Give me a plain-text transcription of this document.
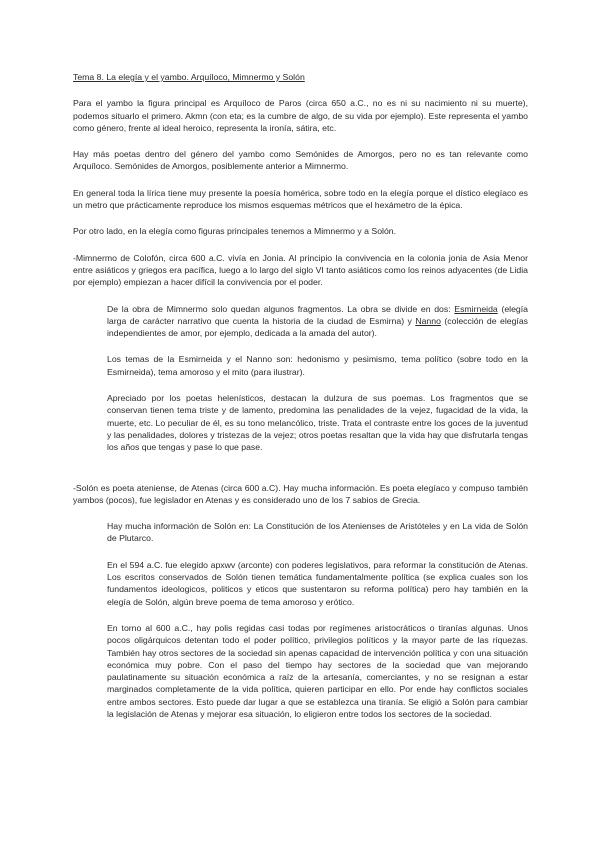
Tema 8. La elegía y el yambo. Arquíloco, Mimnermo y Solón

Para el yambo la figura principal es Arquíloco de Paros (circa 650 a.C., no es ni su nacimiento ni su muerte), podemos situarlo el primero. Akmn (con eta; es la cumbre de algo, de su vida por ejemplo). Este representa el yambo como género, frente al ideal heroico, representa la ironía, sátira, etc.

Hay más poetas dentro del género del yambo como Semónides de Amorgos, pero no es tan relevante como Arquíloco. Semónides de Amorgos, posiblemente anterior a Mimnermo.

En general toda la lírica tiene muy presente la poesía homérica, sobre todo en la elegía porque el dístico elegíaco es un metro que prácticamente reproduce los mismos esquemas métricos que el hexámetro de la épica.

Por otro lado, en la elegía como figuras principales tenemos a Mimnermo y a Solón.

-Mimnermo de Colofón, circa 600 a.C. vivía en Jonia. Al principio la convivencia en la colonia jonia de Asia Menor entre asiáticos y griegos era pacífica, luego a lo largo del siglo VI tanto asiáticos como los reinos adyacentes (de Lidia por ejemplo) empiezan a hacer difícil la convivencia por el poder.

De la obra de Mimnermo solo quedan algunos fragmentos. La obra se divide en dos: Esmirneida (elegía larga de carácter narrativo que cuenta la historia de la ciudad de Esmirna) y Nanno (colección de elegías independientes de amor, por ejemplo, dedicada a la amada del autor).

Los temas de la Esmirneida y el Nanno son: hedonismo y pesimismo, tema político (sobre todo en la Esmirneida), tema amoroso y el mito (para ilustrar).

Apreciado por los poetas helenísticos, destacan la dulzura de sus poemas. Los fragmentos que se conservan tienen tema triste y de lamento, predomina las penalidades de la vejez, fugacidad de la vida, la muerte, etc. Lo peculiar de él, es su tono melancólico, triste. Trata el contraste entre los goces de la juventud y las penalidades, dolores y tristezas de la vejez; otros poetas resaltan que la vida hay que disfrutarla tengas los años que tengas y pase lo que pase.

-Solón es poeta ateniense, de Atenas (circa 600 a.C). Hay mucha información. Es poeta elegíaco y compuso también yambos (pocos), fue legislador en Atenas y es considerado uno de los 7 sabios de Grecia.

Hay mucha información de Solón en: La Constitución de los Atenienses de Aristóteles y en La vida de Solón de Plutarco.

En el 594 a.C. fue elegido apxwv (arconte) con poderes legislativos, para reformar la constitución de Atenas. Los escritos conservados de Solón tienen temática fundamentalmente política (se explica cuales son los fundamentos ideologicos, politicos y eticos que sustentaron su reforma política) pero hay también en la elegía de Solón, algún breve poema de tema amoroso y erótico.

En torno al 600 a.C., hay polis regidas casi todas por regímenes aristocráticos o tiranías algunas. Unos pocos oligárquicos detentan todo el poder político, privilegios políticos y la mayor parte de las riquezas. También hay otros sectores de la sociedad sin apenas capacidad de intervención política y con una situación económica muy pobre. Con el paso del tiempo hay sectores de la sociedad que van mejorando paulatinamente su situación económica a raíz de la artesanía, comerciantes, y no se resignan a estar marginados completamente de la vida política, quieren participar en ello. Por ende hay conflictos sociales entre ambos sectores. Esto puede dar lugar a que se establezca una tiranía. Se eligió a Solón para cambiar la legislación de Atenas y mejorar esa situación, lo eligieron entre todos los sectores de la sociedad.
